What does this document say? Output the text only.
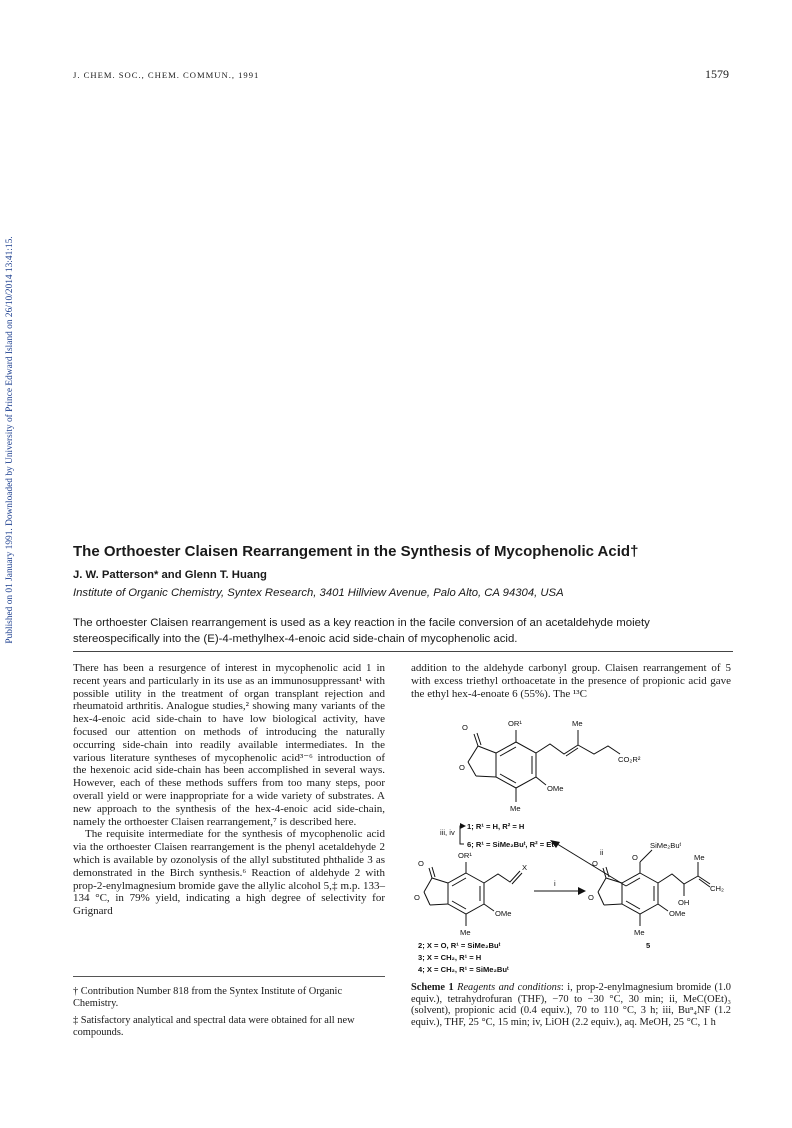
Published on 01 January 1991. Downloaded by University of Prince Edward Island on 26/10/2014 13:41:15.
J. CHEM. SOC., CHEM. COMMUN., 1991	1579
The Orthoester Claisen Rearrangement in the Synthesis of Mycophenolic Acid†
J. W. Patterson* and Glenn T. Huang
Institute of Organic Chemistry, Syntex Research, 3401 Hillview Avenue, Palo Alto, CA 94304, USA
The orthoester Claisen rearrangement is used as a key reaction in the facile conversion of an acetaldehyde moiety stereospecifically into the (E)-4-methylhex-4-enoic acid side-chain of mycophenolic acid.

There has been a resurgence of interest in mycophenolic acid 1 in recent years and particularly in its use as an immunosuppressant¹ with possible utility in the treatment of organ transplant rejection and rheumatoid arthritis. Analogue studies,² showing many variants of the hex-4-enoic acid side-chain to have low biological activity, have focused our attention on methods of introducing the naturally occurring side-chain into readily available intermediates. In the various literature syntheses of mycophenolic acid³⁻⁶ introduction of the hexenoic acid side-chain has been accomplished in several ways. However, each of these methods suffers from too many steps, poor overall yield or were inappropriate for a wide variety of substrates. A new approach to the synthesis of the hex-4-enoic acid side-chain, namely the orthoester Claisen rearrangement,⁷ is described here.

The requisite intermediate for the synthesis of mycophenolic acid via the orthoester Claisen rearrangement is the phenyl acetaldehyde 2 which is available by ozonolysis of the allyl substituted phthalide 3 as demonstrated in the Birch synthesis.⁶ Reaction of aldehyde 2 with prop-2-enylmagnesium bromide gave the allylic alcohol 5,‡ m.p. 133–134 °C, in 79% yield, indicating a high degree of selectivity for Grignard

addition to the aldehyde carbonyl group. Claisen rearrangement of 5 with excess triethyl orthoacetate in the presence of propionic acid gave the ethyl hex-4-enoate 6 (55%). The ¹³C

† Contribution Number 818 from the Syntex Institute of Organic Chemistry.
‡ Satisfactory analytical and spectral data were obtained for all new compounds.
O	OR¹	Me
CO₂R²
O
OMe
Me
iii, iv
1; R¹ = H, R² = H
6; R¹ = SiMe₂Buᵗ, R² = Et
ii
O
OR¹
X
O
OMe
Me
2; X = O, R¹ = SiMe₂Buᵗ
3; X = CH₂, R¹ = H
4; X = CH₂, R¹ = SiMe₂Buᵗ
i
O
O
SiMe₂Buᵗ
Me
CH₂
OH
O
OMe
Me
5
Scheme 1 Reagents and conditions: i, prop-2-enylmagnesium bromide (1.0 equiv.), tetrahydrofuran (THF), −70 to −30 °C, 30 min; ii, MeC(OEt)₃ (solvent), propionic acid (0.4 equiv.), 70 to 110 °C, 3 h; iii, Buⁿ₄NF (1.2 equiv.), THF, 25 °C, 15 min; iv, LiOH (2.2 equiv.), aq. MeOH, 25 °C, 1 h
